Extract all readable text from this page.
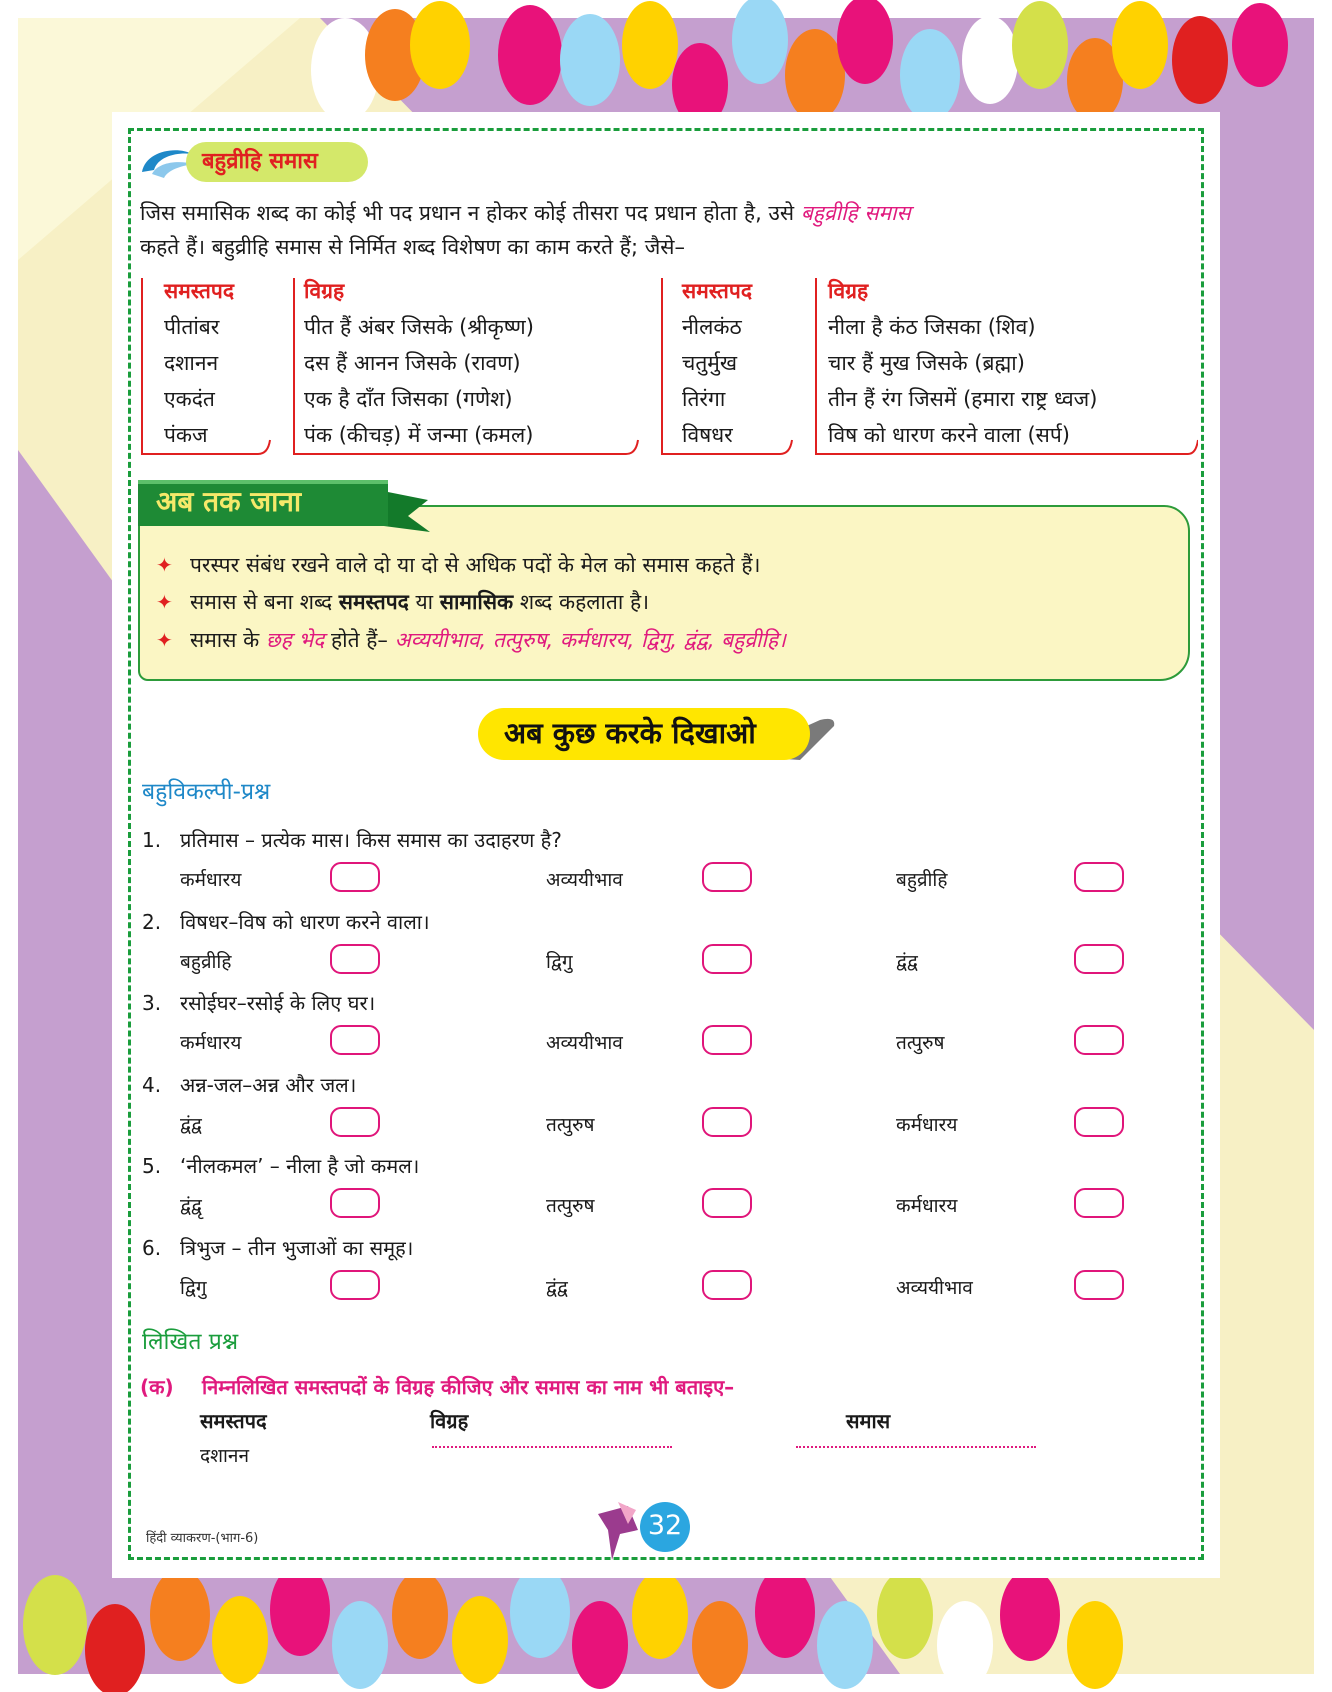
बहुव्रीहि समास
जिस समासिक शब्द का कोई भी पद प्रधान न होकर कोई तीसरा पद प्रधान होता है, उसे बहुव्रीहि समास
कहते हैं। बहुव्रीहि समास से निर्मित शब्द विशेषण का काम करते हैं; जैसे–
समस्तपद	विग्रह
पीतांबर	पीत हैं अंबर जिसके (श्रीकृष्ण)
दशानन	दस हैं आनन जिसके (रावण)
एकदंत	एक है दाँत जिसका (गणेश)
पंकज	पंक (कीचड़) में जन्मा (कमल)
समस्तपद	विग्रह
नीलकंठ	नीला है कंठ जिसका (शिव)
चतुर्मुख	चार हैं मुख जिसके (ब्रह्मा)
तिरंगा	तीन हैं रंग जिसमें (हमारा राष्ट्र ध्वज)
विषधर	विष को धारण करने वाला (सर्प)
अब तक जाना
✦ परस्पर संबंध रखने वाले दो या दो से अधिक पदों के मेल को समास कहते हैं।
✦ समास से बना शब्द समस्तपद या सामासिक शब्द कहलाता है।
✦ समास के छह भेद होते हैं– अव्ययीभाव, तत्पुरुष, कर्मधारय, द्विगु, द्वंद्व, बहुव्रीहि।
अब कुछ करके दिखाओ
बहुविकल्पी-प्रश्न
1. प्रतिमास – प्रत्येक मास। किस समास का उदाहरण है?
कर्मधारय	अव्ययीभाव	बहुव्रीहि
2. विषधर–विष को धारण करने वाला।
बहुव्रीहि	द्विगु	द्वंद्व
3. रसोईघर–रसोई के लिए घर।
कर्मधारय	अव्ययीभाव	तत्पुरुष
4. अन्न-जल–अन्न और जल।
द्वंद्व	तत्पुरुष	कर्मधारय
5. ‘नीलकमल’ – नीला है जो कमल।
द्वंद्वृ	तत्पुरुष	कर्मधारय
6. त्रिभुज – तीन भुजाओं का समूह।
द्विगु	द्वंद्व	अव्ययीभाव
लिखित प्रश्न
(क) निम्नलिखित समस्तपदों के विग्रह कीजिए और समास का नाम भी बताइए–
समस्तपद	विग्रह	समास
दशानन
हिंदी व्याकरण-(भाग-6)	32
